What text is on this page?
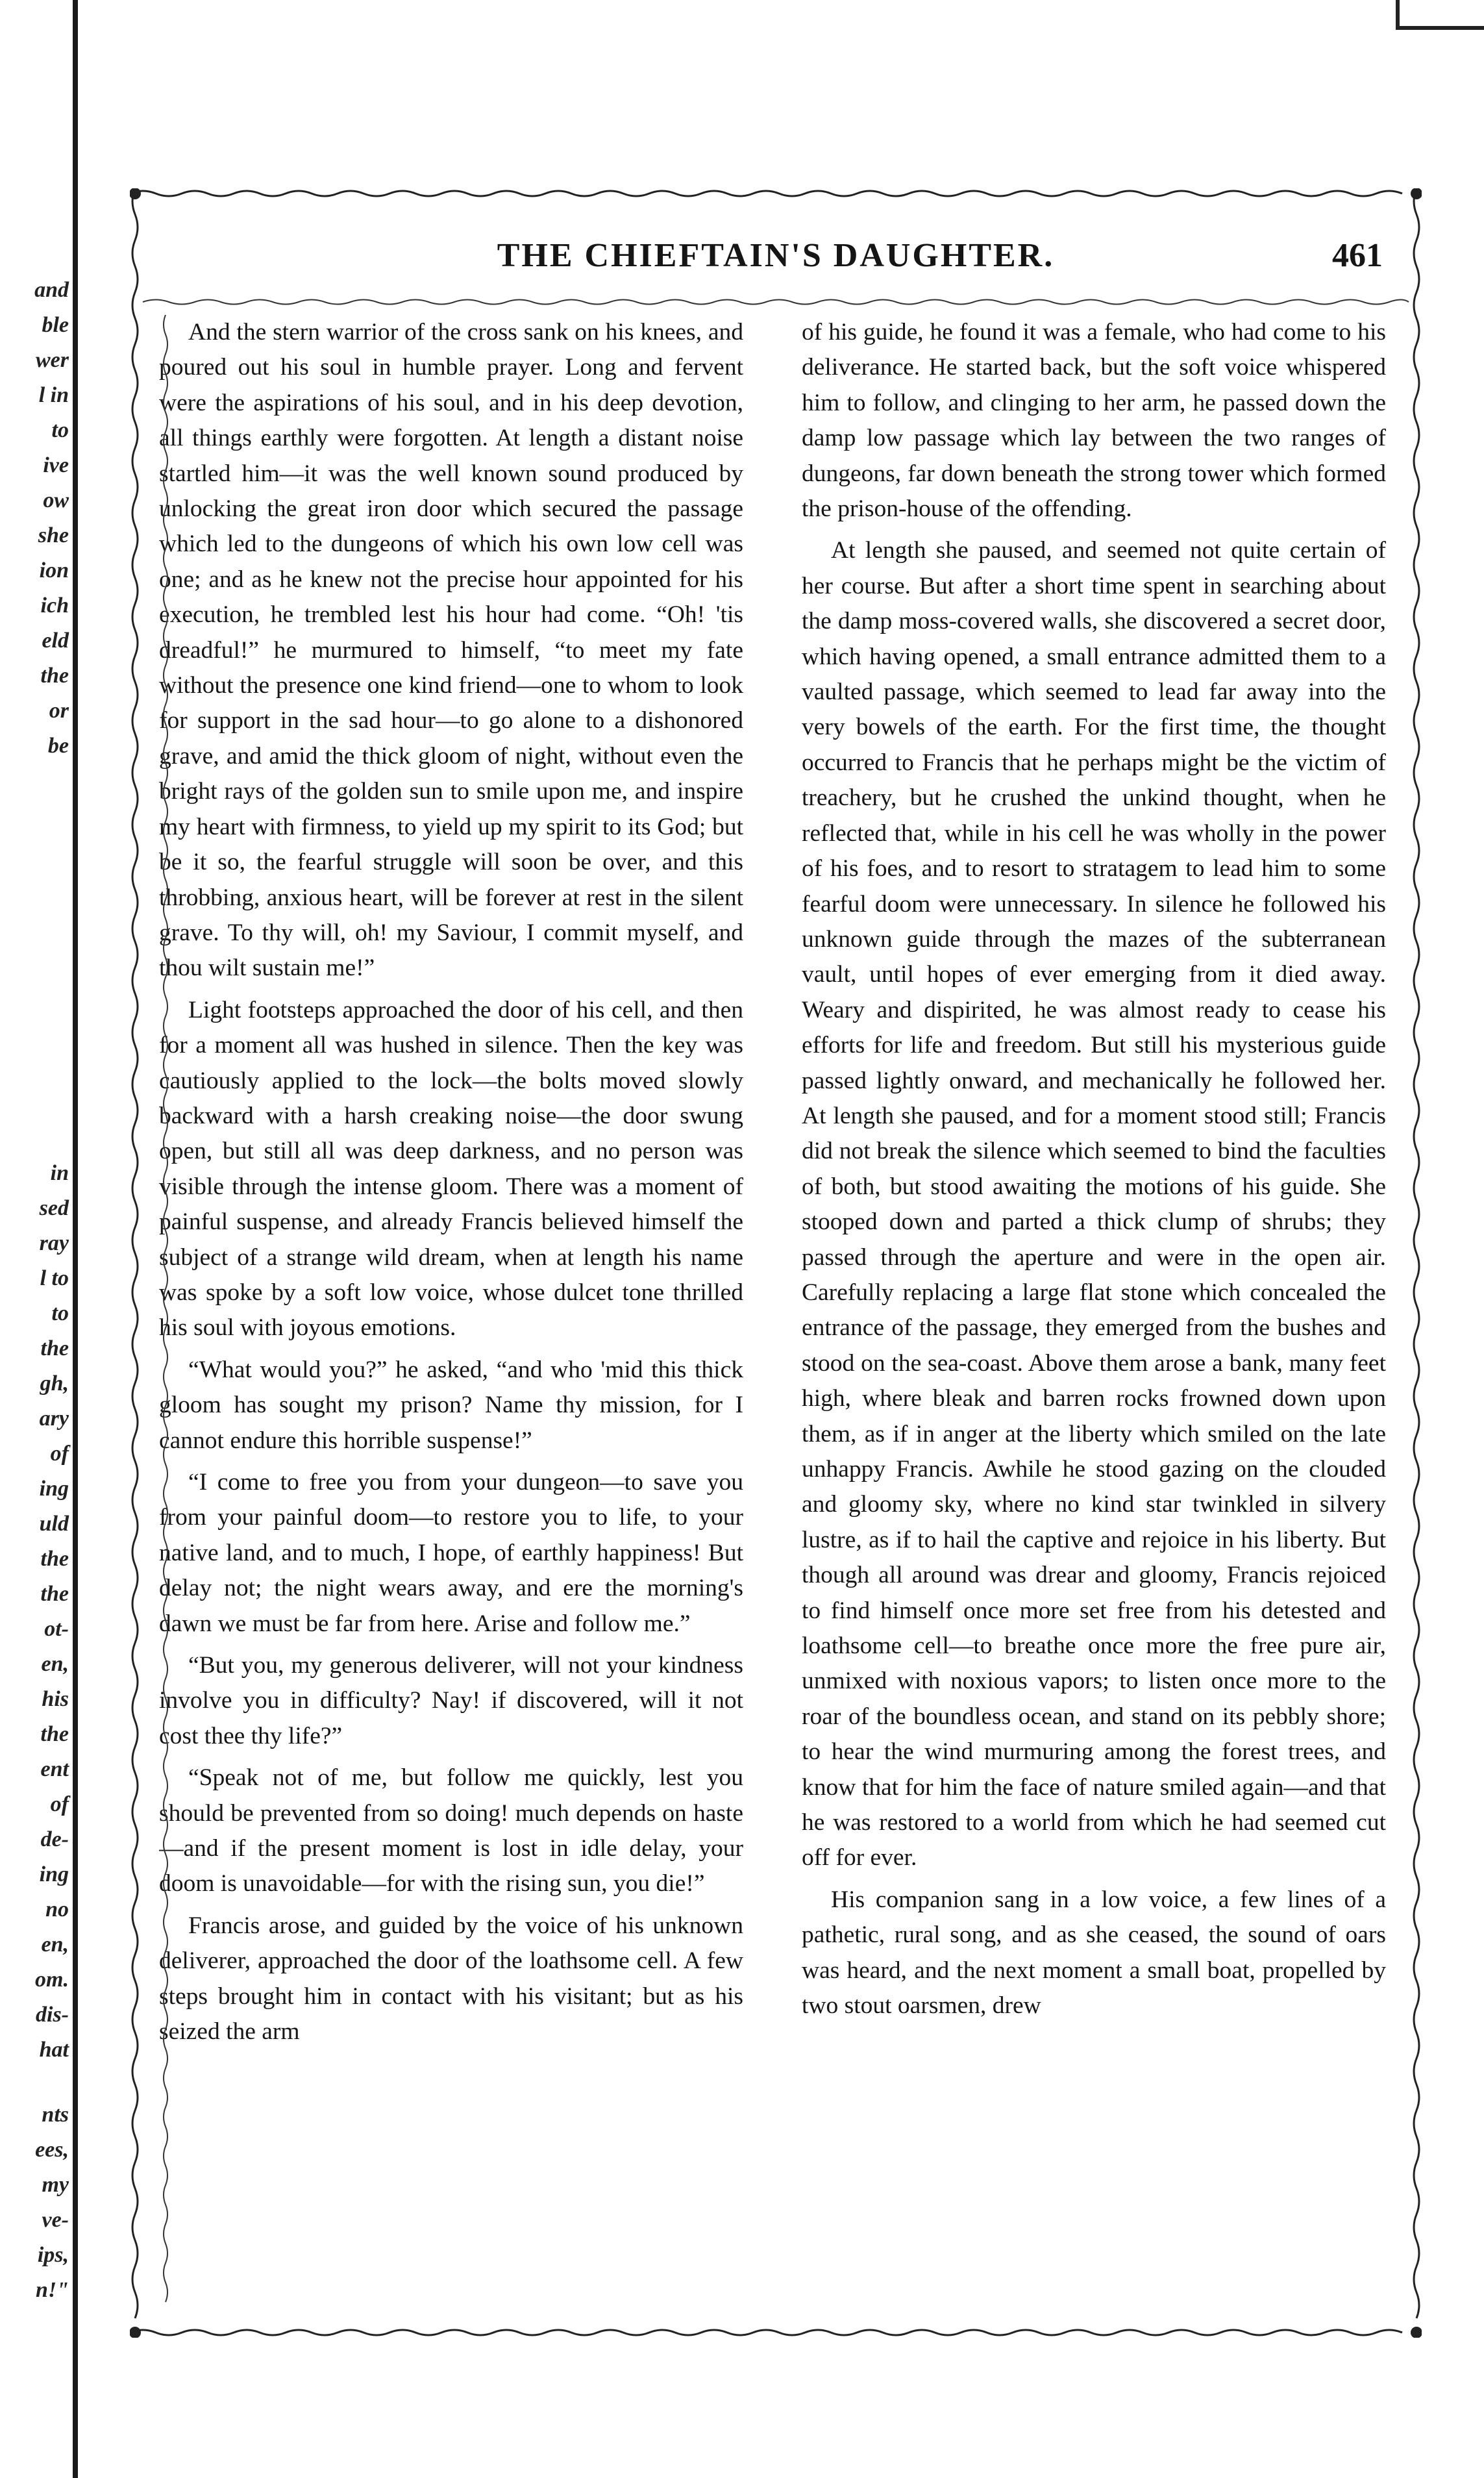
and
ble
wer
l in
to
ive
ow
she
ion
ich
eld
the
or
be
in
sed
ray
l to
to
the
gh,
ary
of
ing
uld
the
the
ot-
en,
his
the
ent
of
de-
ing
no
en,
om.
dis-
hat
nts
ees,
my
ve-
ips,
n!"
THE CHIEFTAIN'S DAUGHTER.	461

And the stern warrior of the cross sank on his knees, and poured out his soul in humble prayer. Long and fervent were the aspirations of his soul, and in his deep devotion, all things earthly were forgotten. At length a distant noise startled him—it was the well known sound produced by unlocking the great iron door which secured the passage which led to the dungeons of which his own low cell was one; and as he knew not the precise hour appointed for his execution, he trembled lest his hour had come. “Oh! 'tis dreadful!” he murmured to himself, “to meet my fate without the presence one kind friend—one to whom to look for support in the sad hour—to go alone to a dishonored grave, and amid the thick gloom of night, without even the bright rays of the golden sun to smile upon me, and inspire my heart with firmness, to yield up my spirit to its God; but be it so, the fearful struggle will soon be over, and this throbbing, anxious heart, will be forever at rest in the silent grave. To thy will, oh! my Saviour, I commit myself, and thou wilt sustain me!”

Light footsteps approached the door of his cell, and then for a moment all was hushed in silence. Then the key was cautiously applied to the lock—the bolts moved slowly backward with a harsh creaking noise—the door swung open, but still all was deep darkness, and no person was visible through the intense gloom. There was a moment of painful suspense, and already Francis believed himself the subject of a strange wild dream, when at length his name was spoke by a soft low voice, whose dulcet tone thrilled his soul with joyous emotions.

“What would you?” he asked, “and who 'mid this thick gloom has sought my prison? Name thy mission, for I cannot endure this horrible suspense!”

“I come to free you from your dungeon—to save you from your painful doom—to restore you to life, to your native land, and to much, I hope, of earthly happiness! But delay not; the night wears away, and ere the morning's dawn we must be far from here. Arise and follow me.”

“But you, my generous deliverer, will not your kindness involve you in difficulty? Nay! if discovered, will it not cost thee thy life?”

“Speak not of me, but follow me quickly, lest you should be prevented from so doing! much depends on haste—and if the present moment is lost in idle delay, your doom is unavoidable—for with the rising sun, you die!”

Francis arose, and guided by the voice of his unknown deliverer, approached the door of the loathsome cell. A few steps brought him in contact with his visitant; but as his seized the arm

of his guide, he found it was a female, who had come to his deliverance. He started back, but the soft voice whispered him to follow, and clinging to her arm, he passed down the damp low passage which lay between the two ranges of dungeons, far down beneath the strong tower which formed the prison-house of the offending.

At length she paused, and seemed not quite certain of her course. But after a short time spent in searching about the damp moss-covered walls, she discovered a secret door, which having opened, a small entrance admitted them to a vaulted passage, which seemed to lead far away into the very bowels of the earth. For the first time, the thought occurred to Francis that he perhaps might be the victim of treachery, but he crushed the unkind thought, when he reflected that, while in his cell he was wholly in the power of his foes, and to resort to stratagem to lead him to some fearful doom were unnecessary. In silence he followed his unknown guide through the mazes of the subterranean vault, until hopes of ever emerging from it died away. Weary and dispirited, he was almost ready to cease his efforts for life and freedom. But still his mysterious guide passed lightly onward, and mechanically he followed her. At length she paused, and for a moment stood still; Francis did not break the silence which seemed to bind the faculties of both, but stood awaiting the motions of his guide. She stooped down and parted a thick clump of shrubs; they passed through the aperture and were in the open air. Carefully replacing a large flat stone which concealed the entrance of the passage, they emerged from the bushes and stood on the sea-coast. Above them arose a bank, many feet high, where bleak and barren rocks frowned down upon them, as if in anger at the liberty which smiled on the late unhappy Francis. Awhile he stood gazing on the clouded and gloomy sky, where no kind star twinkled in silvery lustre, as if to hail the captive and rejoice in his liberty. But though all around was drear and gloomy, Francis rejoiced to find himself once more set free from his detested and loathsome cell—to breathe once more the free pure air, unmixed with noxious vapors; to listen once more to the roar of the boundless ocean, and stand on its pebbly shore; to hear the wind murmuring among the forest trees, and know that for him the face of nature smiled again—and that he was restored to a world from which he had seemed cut off for ever.

His companion sang in a low voice, a few lines of a pathetic, rural song, and as she ceased, the sound of oars was heard, and the next moment a small boat, propelled by two stout oarsmen, drew
